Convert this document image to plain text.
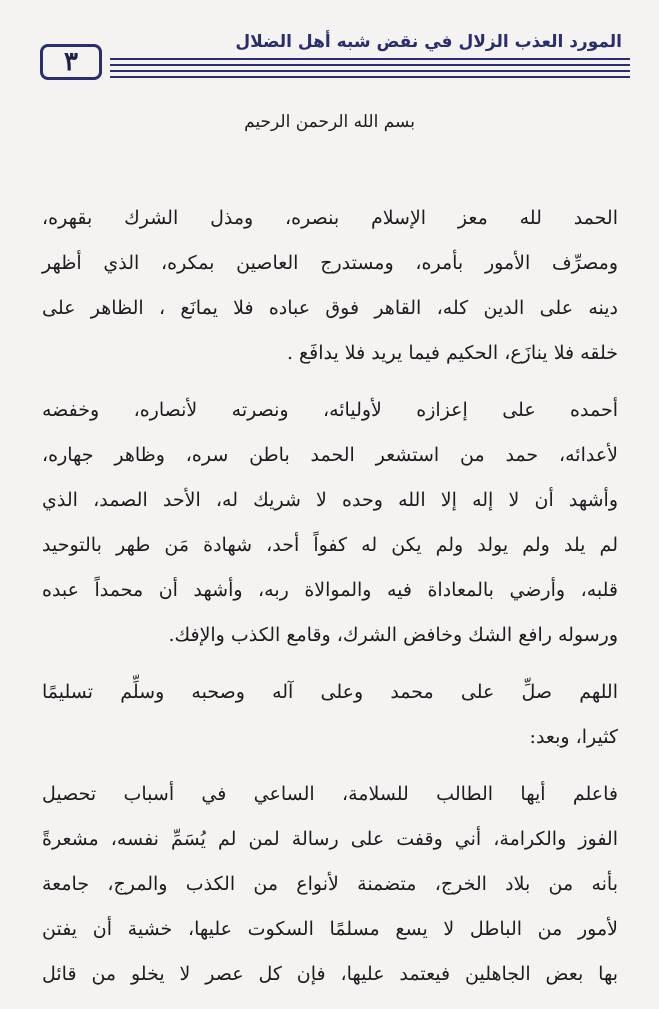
٣
المورد العذب الزلال في نقض شبه أهل الضلال
بسم الله الرحمن الرحيم
الحمد لله معز الإسلام بنصره، ومذل الشرك بقهره،
ومصرِّف الأمور بأمره، ومستدرج العاصين بمكره، الذي أظهر
دينه على الدين كله، القاهر فوق عباده فلا يمانَع ، الظاهر على
خلقه فلا ينازَع، الحكيم فيما يريد فلا يدافَع .
أحمده على إعزازه لأوليائه، ونصرته لأنصاره، وخفضه
لأعدائه، حمد من استشعر الحمد باطن سره، وظاهر جهاره،
وأشهد أن لا إله إلا الله وحده لا شريك له، الأحد الصمد، الذي
لم يلد ولم يولد ولم يكن له كفواً أحد، شهادة مَن طهر بالتوحيد
قلبه، وأرضي بالمعاداة فيه والموالاة ربه، وأشهد أن محمداً عبده
ورسوله رافع الشك وخافض الشرك، وقامع الكذب والإفك.
اللهم صلِّ على محمد وعلى آله وصحبه وسلِّم تسليمًا
كثيرا، وبعد:
فاعلم أيها الطالب للسلامة، الساعي في أسباب تحصيل
الفوز والكرامة، أني وقفت على رسالة لمن لم يُسَمِّ نفسه، مشعرةً
بأنه من بلاد الخرج، متضمنة لأنواع من الكذب والمرج، جامعة
لأمور من الباطل لا يسع مسلمًا السكوت عليها، خشية أن يفتن
بها بعض الجاهلين فيعتمد عليها، فإن كل عصر لا يخلو من قائل
